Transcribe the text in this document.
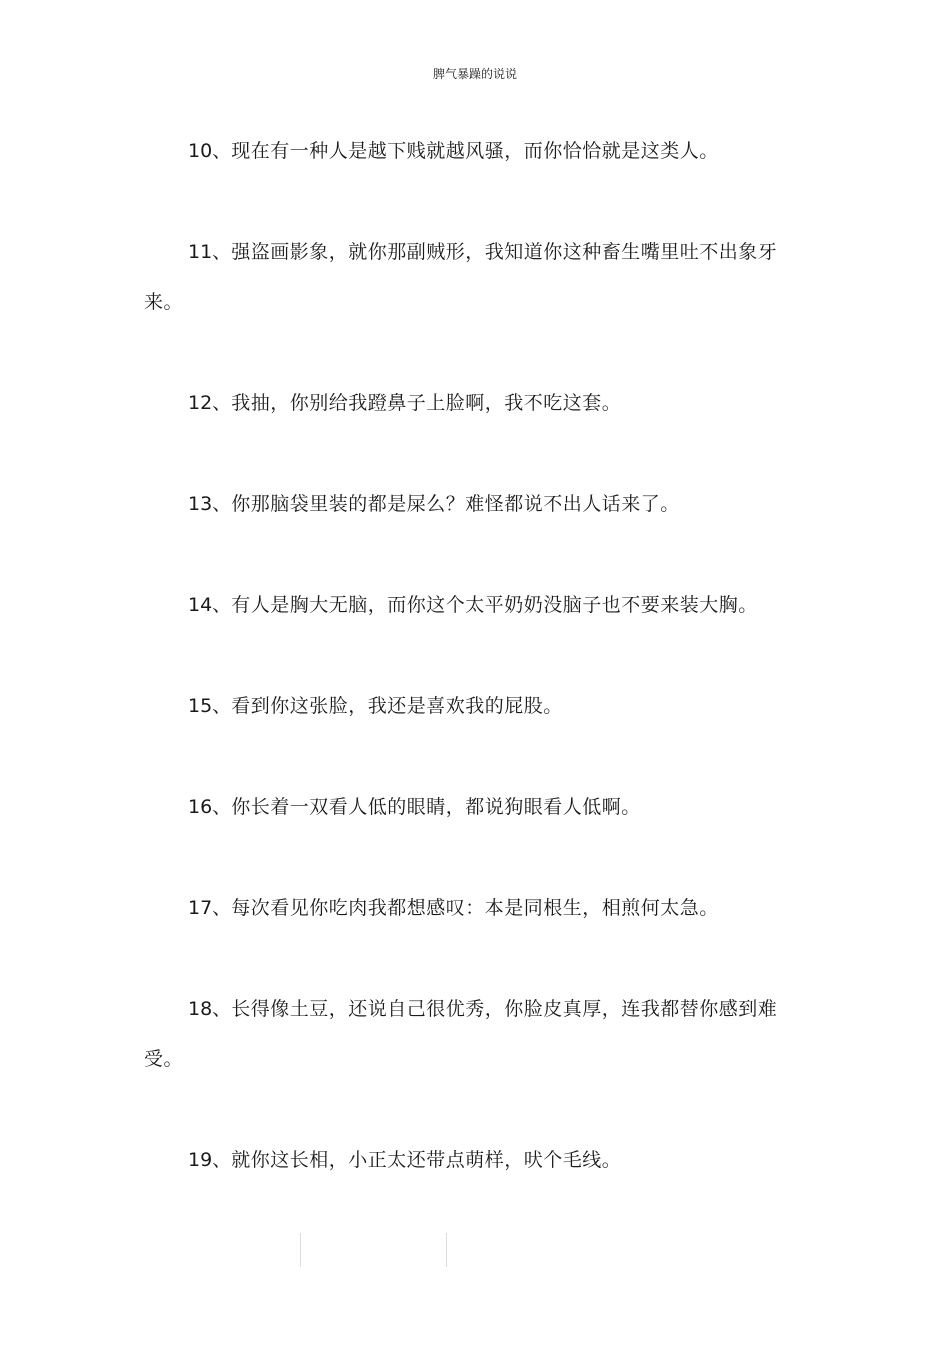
脾气暴躁的说说

10、现在有一种人是越下贱就越风骚，而你恰恰就是这类人。

11、强盗画影象，就你那副贼形，我知道你这种畜生嘴里吐不出象牙来。

12、我抽，你别给我蹬鼻子上脸啊，我不吃这套。

13、你那脑袋里装的都是屎么？难怪都说不出人话来了。

14、有人是胸大无脑，而你这个太平奶奶没脑子也不要来装大胸。

15、看到你这张脸，我还是喜欢我的屁股。

16、你长着一双看人低的眼睛，都说狗眼看人低啊。

17、每次看见你吃肉我都想感叹：本是同根生，相煎何太急。

18、长得像土豆，还说自己很优秀，你脸皮真厚，连我都替你感到难受。

19、就你这长相，小正太还带点萌样，吠个毛线。
